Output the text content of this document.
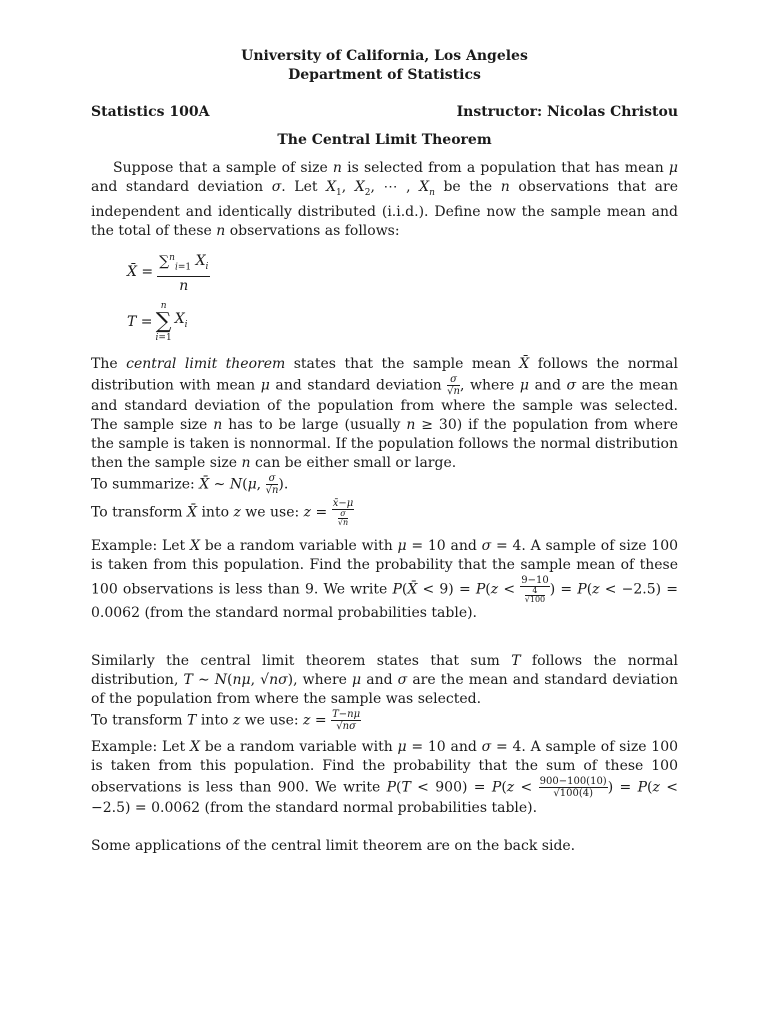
University of California, Los Angeles
Department of Statistics
Statistics 100A	Instructor: Nicolas Christou
The Central Limit Theorem

Suppose that a sample of size n is selected from a population that has mean μ and standard deviation σ. Let $X_1$, $X_2$, ⋯ , $X_n$ be the n observations that are independent and identically distributed (i.i.d.). Define now the sample mean and the total of these n observations as follows:

X̄ =
∑$^n_{i=1}$ $X_i$
n
T =
n
∑
i=1
$X_i$

The central limit theorem states that the sample mean X̄ follows the normal distribution with mean μ and standard deviation $\frac{\sigma}{√n}$ , where μ and σ are the mean and standard deviation of the population from where the sample was selected. The sample size n has to be large (usually n ≥ 30) if the population from where the sample is taken is nonnormal. If the population follows the normal distribution then the sample size n can be either small or large.

To summarize: X̄ ∼ N(μ, $\frac{\sigma}{√n}$ ).

To transform X̄ into z we use: $z = \frac{x̄-\mu}{\frac{\sigma}{√n}}$

Example: Let X be a random variable with μ = 10 and σ = 4. A sample of size 100 is taken from this population. Find the probability that the sample mean of these 100 observations is less than 9. We write P(X̄ < $9) = P(z < \frac{9-10}{\frac{4}{√100}}$ ) = P(z < −2.5) = 0.0062 (from the standard normal probabilities table).

Similarly the central limit theorem states that sum T follows the normal distribution, T ∼ N(nμ, √nσ), where μ and σ are the mean and standard deviation of the population from where the sample was selected.

To transform T into z we use: $z = \frac{T-n\mu}{√n\sigma}$

Example: Let X be a random variable with μ = 10 and σ = 4. A sample of size 100 is taken from this population. Find the probability that the sum of these 100 observations is less than 900. We write $P(T < 900) = P(z < \frac{900-100(10)}{√100(4)}$ ) = P(z < −2.5) = 0.0062 (from the standard normal probabilities table).

Some applications of the central limit theorem are on the back side.
